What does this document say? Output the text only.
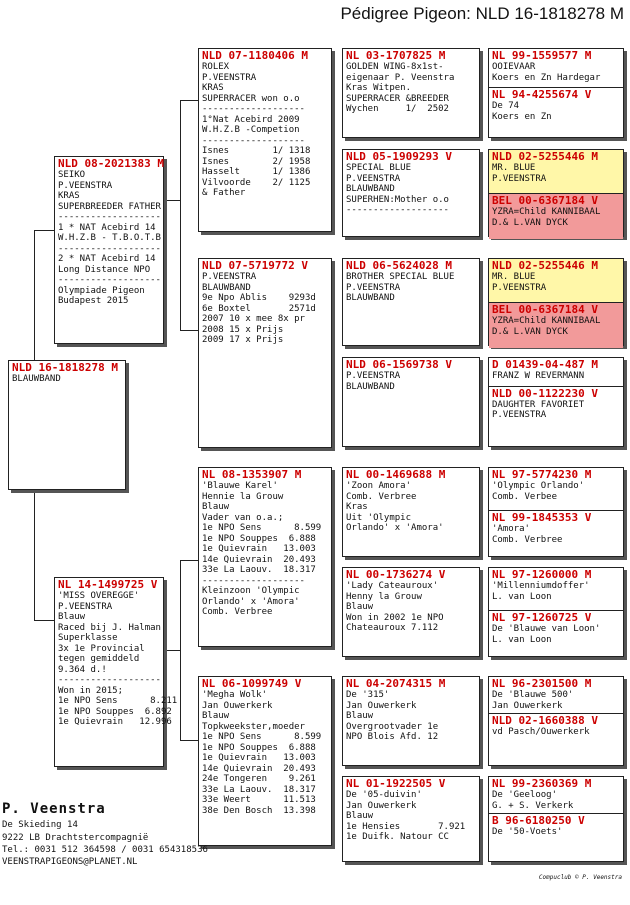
Pédigree Pigeon: NLD 16-1818278 M
NLD 16-1818278 M
BLAUWBAND
NLD 08-2021383 M
SEIKO
P.VEENSTRA
KRAS
SUPERBREEDER FATHER
-------------------
1 * NAT Acebird 14
W.H.Z.B - T.B.O.T.B
-------------------
2 * NAT Acebird 14
Long Distance NPO
-------------------
Olympiade Pigeon
Budapest 2015
NL 14-1499725 V
'MISS OVEREGGE'
P.VEENSTRA
Blauw
Raced bij J. Halman
Superklasse
3x 1e Provincial
tegen gemiddeld
9.364 d.!
-------------------
Won in 2015;
1e NPO Sens      8.211
1e NPO Souppes  6.892
1e Quievrain   12.996
NLD 07-1180406 M
ROLEX
P.VEENSTRA
KRAS
SUPERRACER won o.o
-------------------
1°Nat Acebird 2009
W.H.Z.B -Competion
-------------------
Isnes        1/ 1318
Isnes        2/ 1958
Hasselt      1/ 1386
Vilvoorde    2/ 1125
& Father
NLD 07-5719772 V
P.VEENSTRA
BLAUWBAND
9e Npo Ablis    9293d
6e Boxtel       2571d
2007 10 x mee 8x pr
2008 15 x Prijs
2009 17 x Prijs
NL 08-1353907 M
'Blauwe Karel'
Hennie la Grouw
Blauw
Vader van o.a.;
1e NPO Sens      8.599
1e NPO Souppes  6.888
1e Quievrain   13.003
14e Quievrain  20.493
33e La Laouv.  18.317
-------------------
Kleinzoon 'Olympic
Orlando' x 'Amora'
Comb. Verbree
NL 06-1099749 V
'Megha Wolk'
Jan Ouwerkerk
Blauw
Topkweekster,moeder
1e NPO Sens      8.599
1e NPO Souppes  6.888
1e Quievrain   13.003
14e Quievrain  20.493
24e Tongeren    9.261
33e La Laouv.  18.317
33e Weert      11.513
38e Den Bosch  13.398
NL 03-1707825 M
GOLDEN WING-8x1st-
eigenaar P. Veenstra
Kras Witpen.
SUPERRACER &BREEDER
Wychen     1/  2502
NLD 05-1909293 V
SPECIAL BLUE
P.VEENSTRA
BLAUWBAND
SUPERHEN:Mother o.o
-------------------
NLD 06-5624028 M
BROTHER SPECIAL BLUE
P.VEENSTRA
BLAUWBAND
NLD 06-1569738 V
P.VEENSTRA
BLAUWBAND
NL 00-1469688 M
'Zoon Amora'
Comb. Verbree
Kras
Uit 'Olympic
Orlando' x 'Amora'
NL 00-1736274 V
'Lady Cateauroux'
Henny la Grouw
Blauw
Won in 2002 1e NPO
Chateauroux 7.112
NL 04-2074315 M
De '315'
Jan Ouwerkerk
Blauw
Overgrootvader 1e
NPO Blois Afd. 12
NL 01-1922505 V
De '05-duivin'
Jan Ouwerkerk
Blauw
1e Hensies       7.921
1e Duifk. Natour CC
NL 99-1559577 M
OOIEVAAR
Koers en Zn Hardegar
NL 94-4255674 V
De 74
Koers en Zn
NLD 02-5255446 M
MR. BLUE
P.VEENSTRA
BEL 00-6367184 V
YZRA=Child KANNIBAAL
D.& L.VAN DYCK
NLD 02-5255446 M
MR. BLUE
P.VEENSTRA
BEL 00-6367184 V
YZRA=Child KANNIBAAL
D.& L.VAN DYCK
D 01439-04-487 M
FRANZ W REVERMANN
NLD 00-1122230 V
DAUGHTER FAVORIET
P.VEENSTRA
NL 97-5774230 M
'Olympic Orlando'
Comb. Verbee
NL 99-1845353 V
'Amora'
Comb. Verbree
NL 97-1260000 M
'Millenniumdoffer'
L. van Loon
NL 97-1260725 V
De 'Blauwe van Loon'
L. van Loon
NL 96-2301500 M
De 'Blauwe 500'
Jan Ouwerkerk
NLD 02-1660388 V
vd Pasch/Ouwerkerk
NL 99-2360369 M
De 'Geeloog'
G. + S. Verkerk
B 96-6180250 V
De '50-Voets'
P. Veenstra
De Skieding 14
9222 LB Drachtstercompagnië
Tel.: 0031 512 364598 / 0031 654318536
VEENSTRAPIGEONS@PLANET.NL
Compuclub © P. Veenstra
